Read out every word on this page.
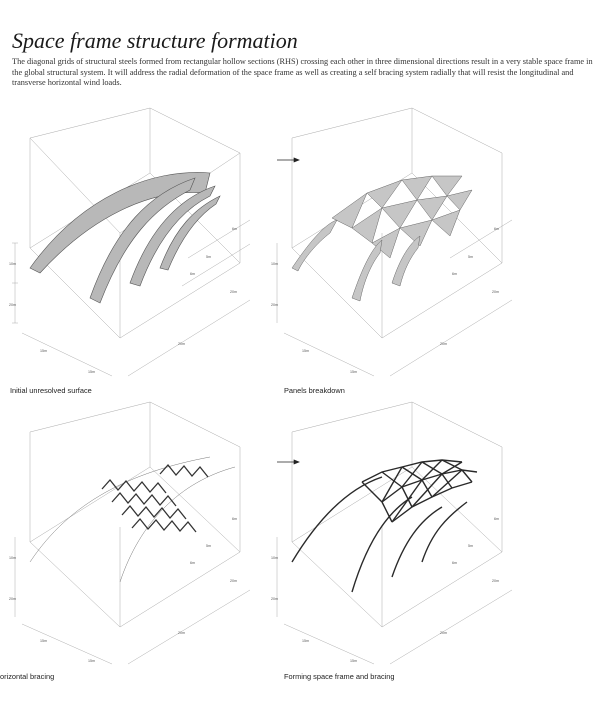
Space frame structure formation
The diagonal grids of structural steels formed from rectangular hollow sections (RHS) crossing each other in three dimensional directions result in a very stable space frame in the global structural system. It will address the radial deformation of the space frame as well as creating a self bracing system radially that will resist the longitudinal and transverse horizontal wind loads.
10m
20m
15m
15m
6m
5m
6m
20m
20m
Initial unresolved surface
10m
20m
15m
15m
6m
5m
6m
20m
20m
Panels breakdown
10m
20m
15m
15m
6m
5m
6m
20m
20m
orizontal bracing
10m
20m
15m
15m
6m
5m
6m
20m
20m
Forming space frame and bracing
